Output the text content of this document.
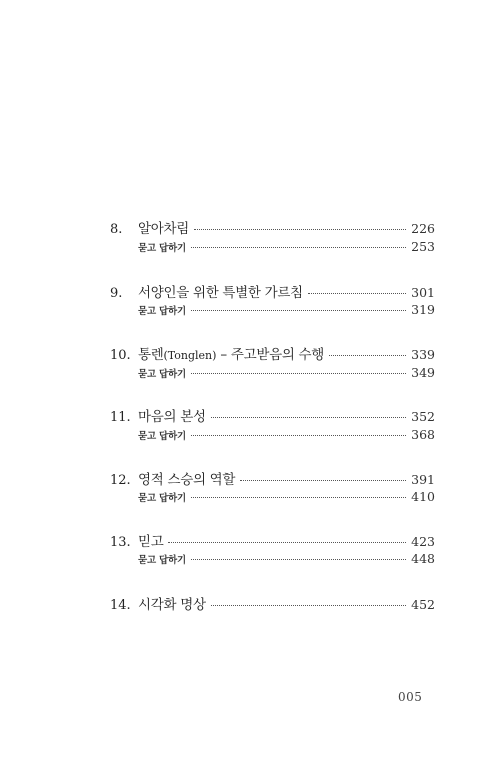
8.	알아차림	226
묻고 답하기	253
9.	서양인을 위한 특별한 가르침	301
묻고 답하기	319
10. 통렌(Tonglen) – 주고받음의 수행	339
묻고 답하기	349
11. 마음의 본성	352
묻고 답하기	368
12. 영적 스승의 역할	391
묻고 답하기	410
13. 믿고	423
묻고 답하기	448
14. 시각화 명상	452
005
